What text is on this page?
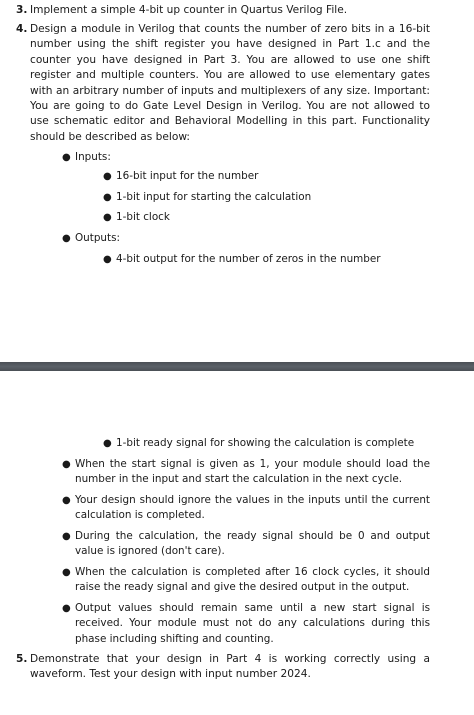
3. Implement a simple 4-bit up counter in Quartus Verilog File.
4. Design a module in Verilog that counts the number of zero bits in a 16-bit number using the shift register you have designed in Part 1.c and the counter you have designed in Part 3. You are allowed to use one shift register and multiple counters. You are allowed to use elementary gates with an arbitrary number of inputs and multiplexers of any size. Important: You are going to do Gate Level Design in Verilog. You are not allowed to use schematic editor and Behavioral Modelling in this part. Functionality should be described as below:
● Inputs:
● 16-bit input for the number
● 1-bit input for starting the calculation
● 1-bit clock
● Outputs:
● 4-bit output for the number of zeros in the number
● 1-bit ready signal for showing the calculation is complete
● When the start signal is given as 1, your module should load the number in the input and start the calculation in the next cycle.
● Your design should ignore the values in the inputs until the current calculation is completed.
● During the calculation, the ready signal should be 0 and output value is ignored (don't care).
● When the calculation is completed after 16 clock cycles, it should raise the ready signal and give the desired output in the output.
● Output values should remain same until a new start signal is received. Your module must not do any calculations during this phase including shifting and counting.
5. Demonstrate that your design in Part 4 is working correctly using a waveform. Test your design with input number 2024.
